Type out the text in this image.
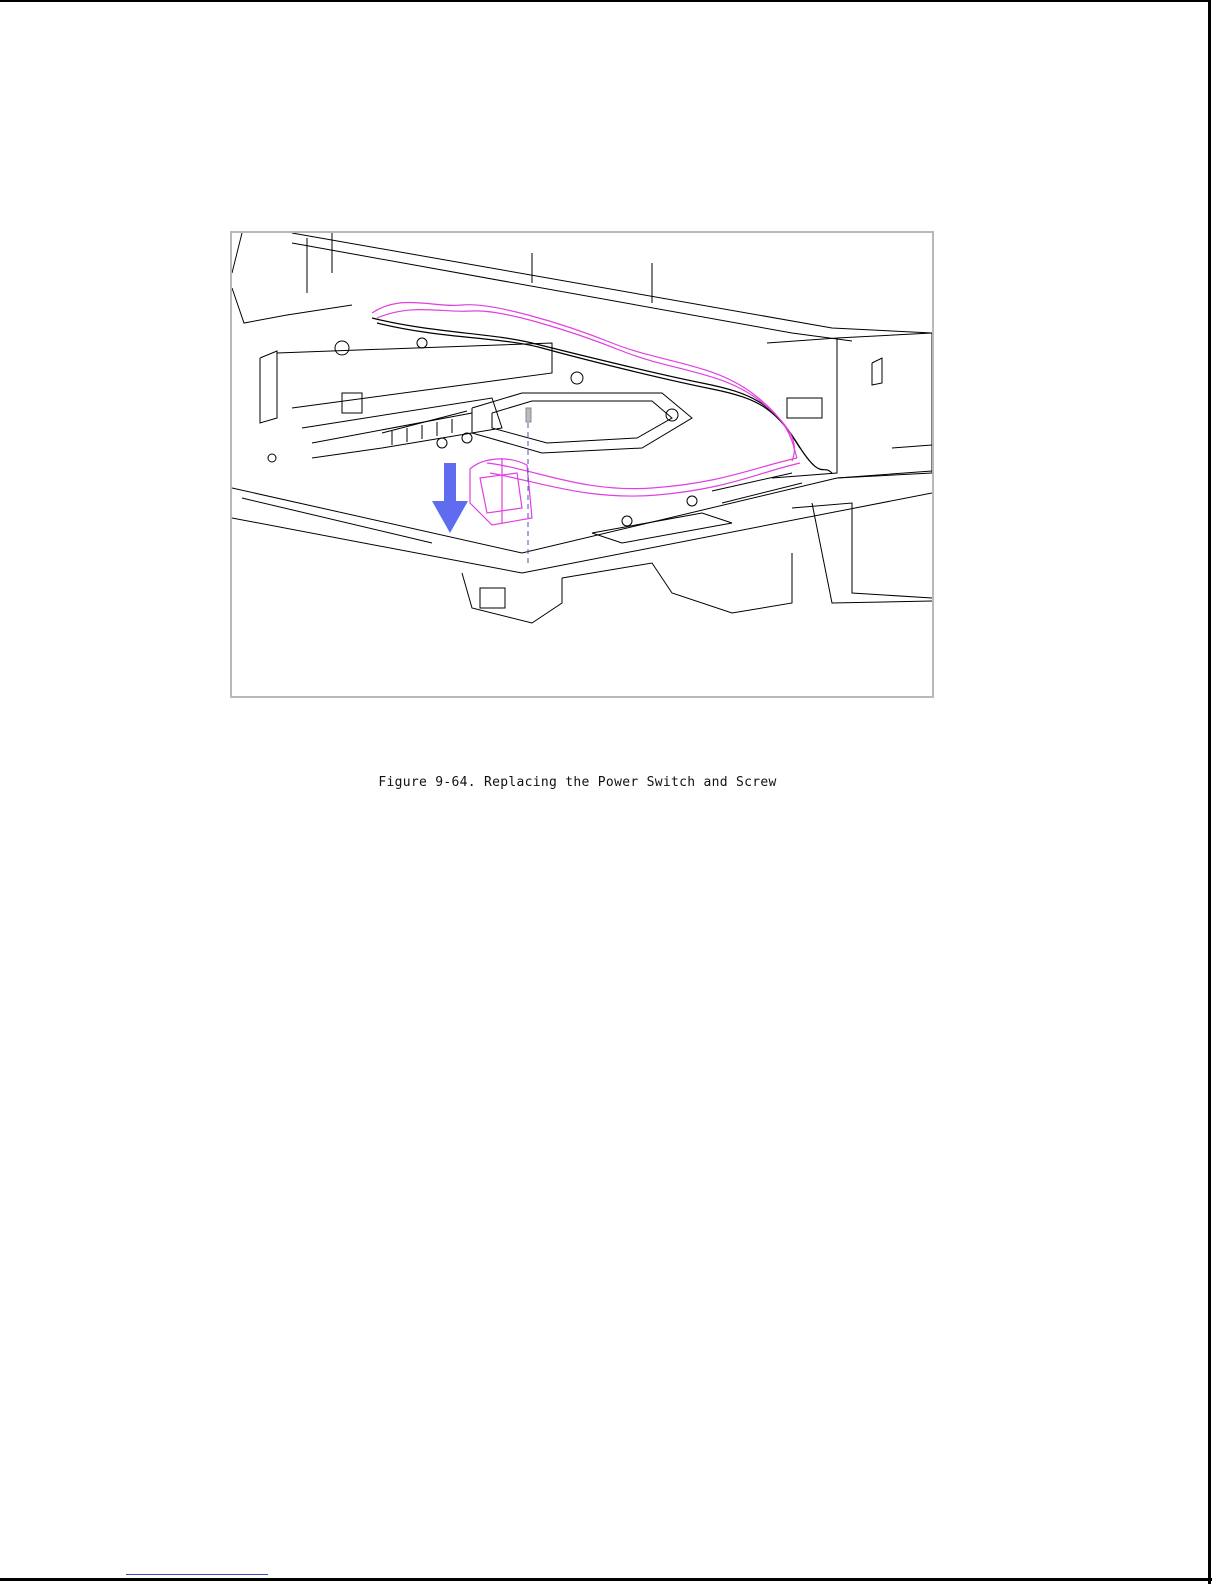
Figure 9-64. Replacing the Power Switch and Screw
